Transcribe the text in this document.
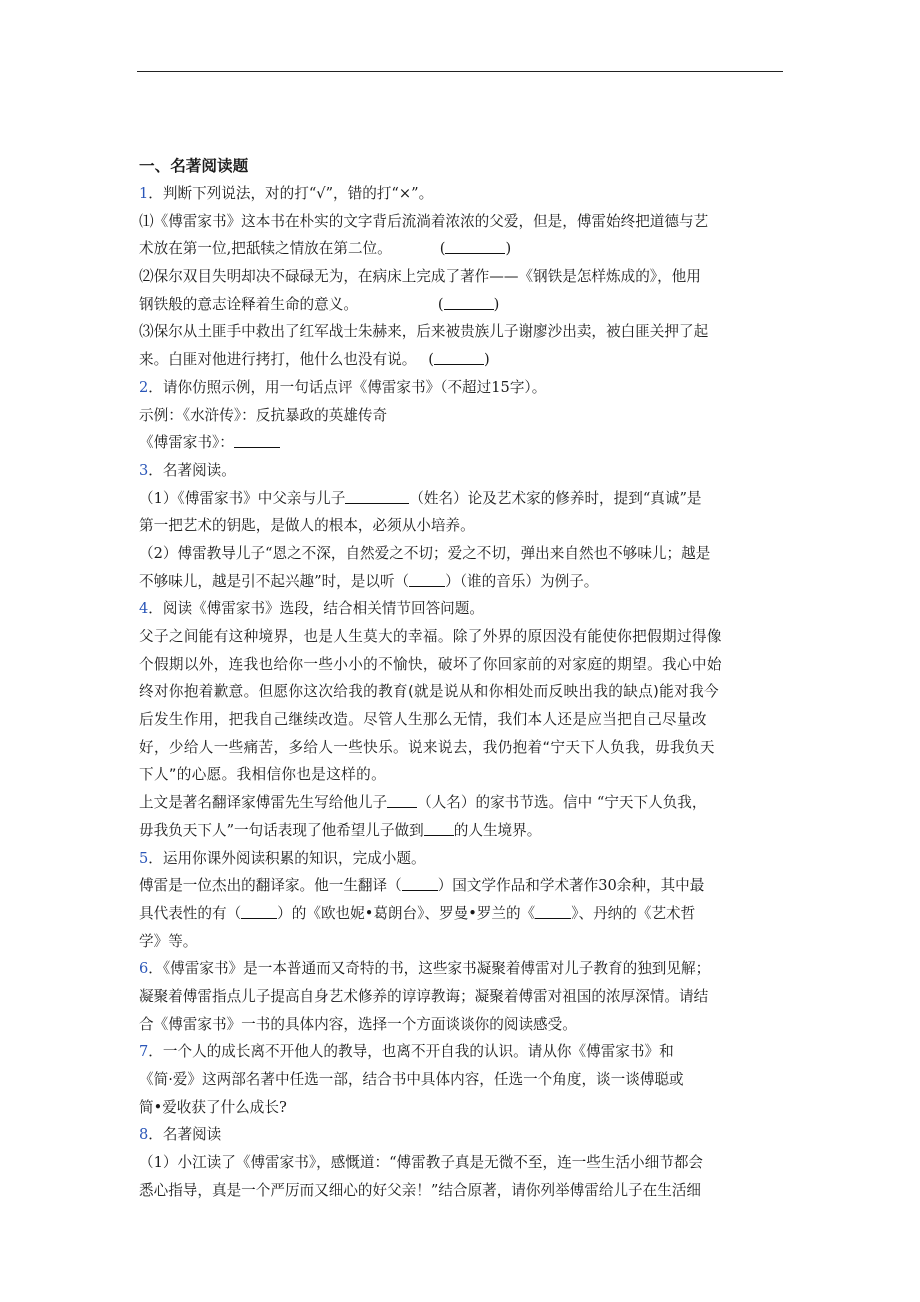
一、名著阅读题
1．判断下列说法，对的打“√”，错的打“×”。
⑴《傅雷家书》这本书在朴实的文字背后流淌着浓浓的父爱，但是，傅雷始终把道德与艺
术放在第一位,把舐犊之情放在第二位。	(	)
⑵保尔双目失明却决不碌碌无为，在病床上完成了著作——《钢铁是怎样炼成的》，他用
钢铁般的意志诠释着生命的意义。	(	)
⑶保尔从土匪手中救出了红军战士朱赫来，后来被贵族儿子谢廖沙出卖，被白匪关押了起
来。白匪对他进行拷打，他什么也没有说。 (	)
2．请你仿照示例，用一句话点评《傅雷家书》（不超过15字）。
示例：《水浒传》：反抗暴政的英雄传奇
《傅雷家书》：
3．名著阅读。
（1）《傅雷家书》中父亲与儿子	（姓名）论及艺术家的修养时，提到“真诚”是
第一把艺术的钥匙，是做人的根本，必须从小培养。
（2）傅雷教导儿子“恩之不深，自然爱之不切；爱之不切，弹出来自然也不够味儿；越是
不够味儿，越是引不起兴趣”时，是以听（ ）（谁的音乐）为例子。
4．阅读《傅雷家书》选段，结合相关情节回答问题。
父子之间能有这种境界，也是人生莫大的幸福。除了外界的原因没有能使你把假期过得像
个假期以外，连我也给你一些小小的不愉快，破坏了你回家前的对家庭的期望。我心中始
终对你抱着歉意。但愿你这次给我的教育(就是说从和你相处而反映出我的缺点)能对我今
后发生作用，把我自己继续改造。尽管人生那么无情，我们本人还是应当把自己尽量改
好，少给人一些痛苦，多给人一些快乐。说来说去，我仍抱着“宁天下人负我，毋我负天
下人”的心愿。我相信你也是这样的。
上文是著名翻译家傅雷先生写给他儿子 （人名）的家书节选。信中 “宁天下人负我，
毋我负天下人”一句话表现了他希望儿子做到 的人生境界。
5．运用你课外阅读积累的知识，完成小题。
傅雷是一位杰出的翻译家。他一生翻译（ ）国文学作品和学术著作30余种，其中最
具代表性的有（ ）的《欧也妮•葛朗台》、罗曼•罗兰的《 》、丹纳的《艺术哲
学》等。
6．《傅雷家书》是一本普通而又奇特的书，这些家书凝聚着傅雷对儿子教育的独到见解；
凝聚着傅雷指点儿子提高自身艺术修养的谆谆教诲；凝聚着傅雷对祖国的浓厚深情。请结
合《傅雷家书》一书的具体内容，选择一个方面谈谈你的阅读感受。
7．一个人的成长离不开他人的教导，也离不开自我的认识。请从你《傅雷家书》和
《简·爱》这两部名著中任选一部，结合书中具体内容，任选一个角度，谈一谈傅聪或
简•爱收获了什么成长?
8．名著阅读
（1）小江读了《傅雷家书》，感慨道：“傅雷教子真是无微不至，连一些生活小细节都会
悉心指导，真是一个严厉而又细心的好父亲！”结合原著，请你列举傅雷给儿子在生活细
